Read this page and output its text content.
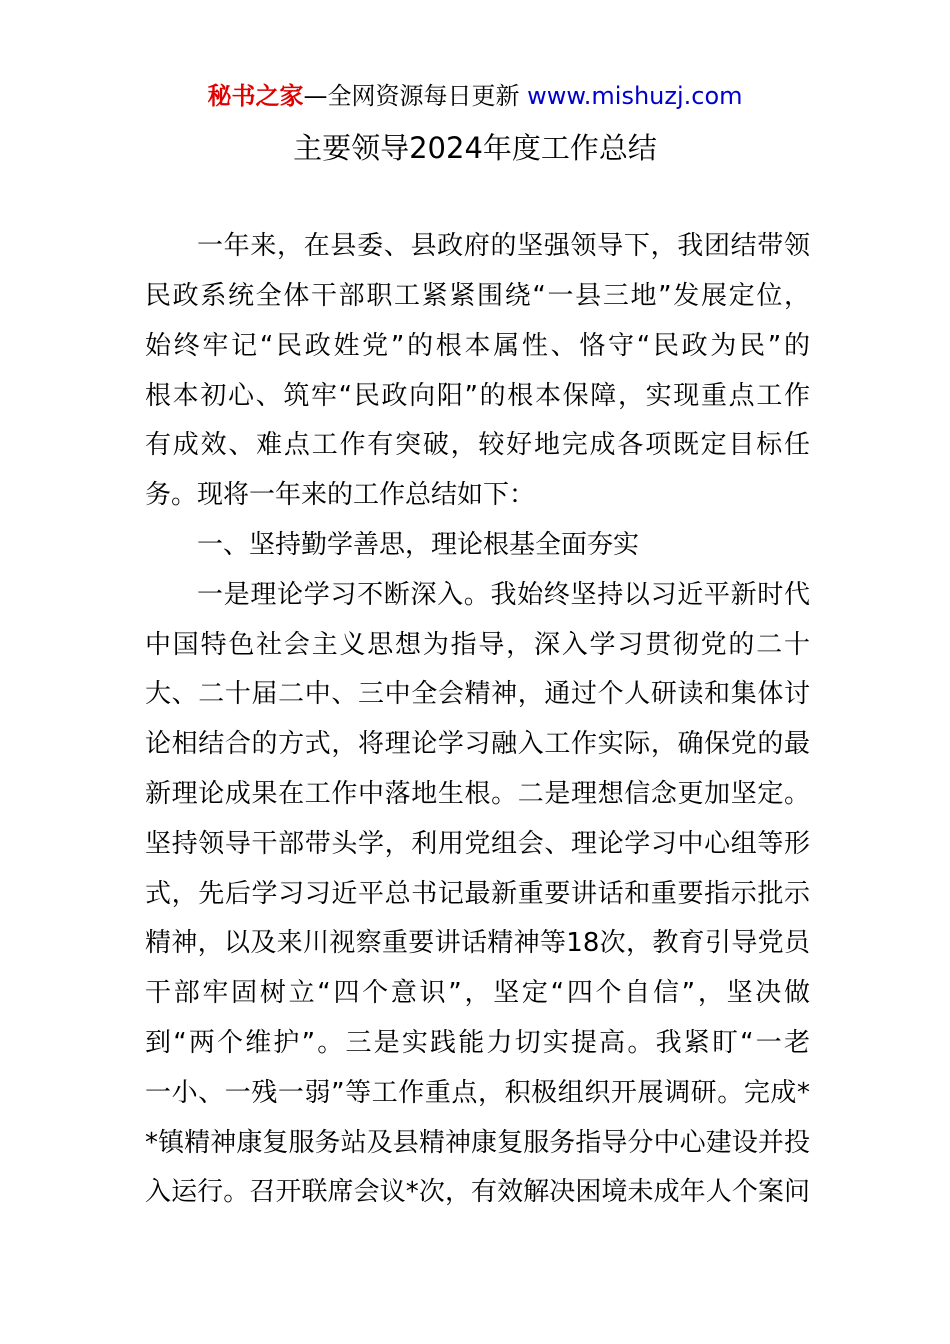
秘书之家—全网资源每日更新 www.mishuzj.com
主要领导2024年度工作总结
一年来，在县委、县政府的坚强领导下，我团结带领
民政系统全体干部职工紧紧围绕“一县三地”发展定位，
始终牢记“民政姓党”的根本属性、恪守“民政为民”的
根本初心、筑牢“民政向阳”的根本保障，实现重点工作
有成效、难点工作有突破，较好地完成各项既定目标任
务。现将一年来的工作总结如下：
一、坚持勤学善思，理论根基全面夯实
一是理论学习不断深入。我始终坚持以习近平新时代
中国特色社会主义思想为指导，深入学习贯彻党的二十
大、二十届二中、三中全会精神，通过个人研读和集体讨
论相结合的方式，将理论学习融入工作实际，确保党的最
新理论成果在工作中落地生根。二是理想信念更加坚定。
坚持领导干部带头学，利用党组会、理论学习中心组等形
式，先后学习习近平总书记最新重要讲话和重要指示批示
精神，以及来川视察重要讲话精神等18次，教育引导党员
干部牢固树立“四个意识”，坚定“四个自信”，坚决做
到“两个维护”。三是实践能力切实提高。我紧盯“一老
一小、一残一弱”等工作重点，积极组织开展调研。完成*
*镇精神康复服务站及县精神康复服务指导分中心建设并投
入运行。召开联席会议*次，有效解决困境未成年人个案问
